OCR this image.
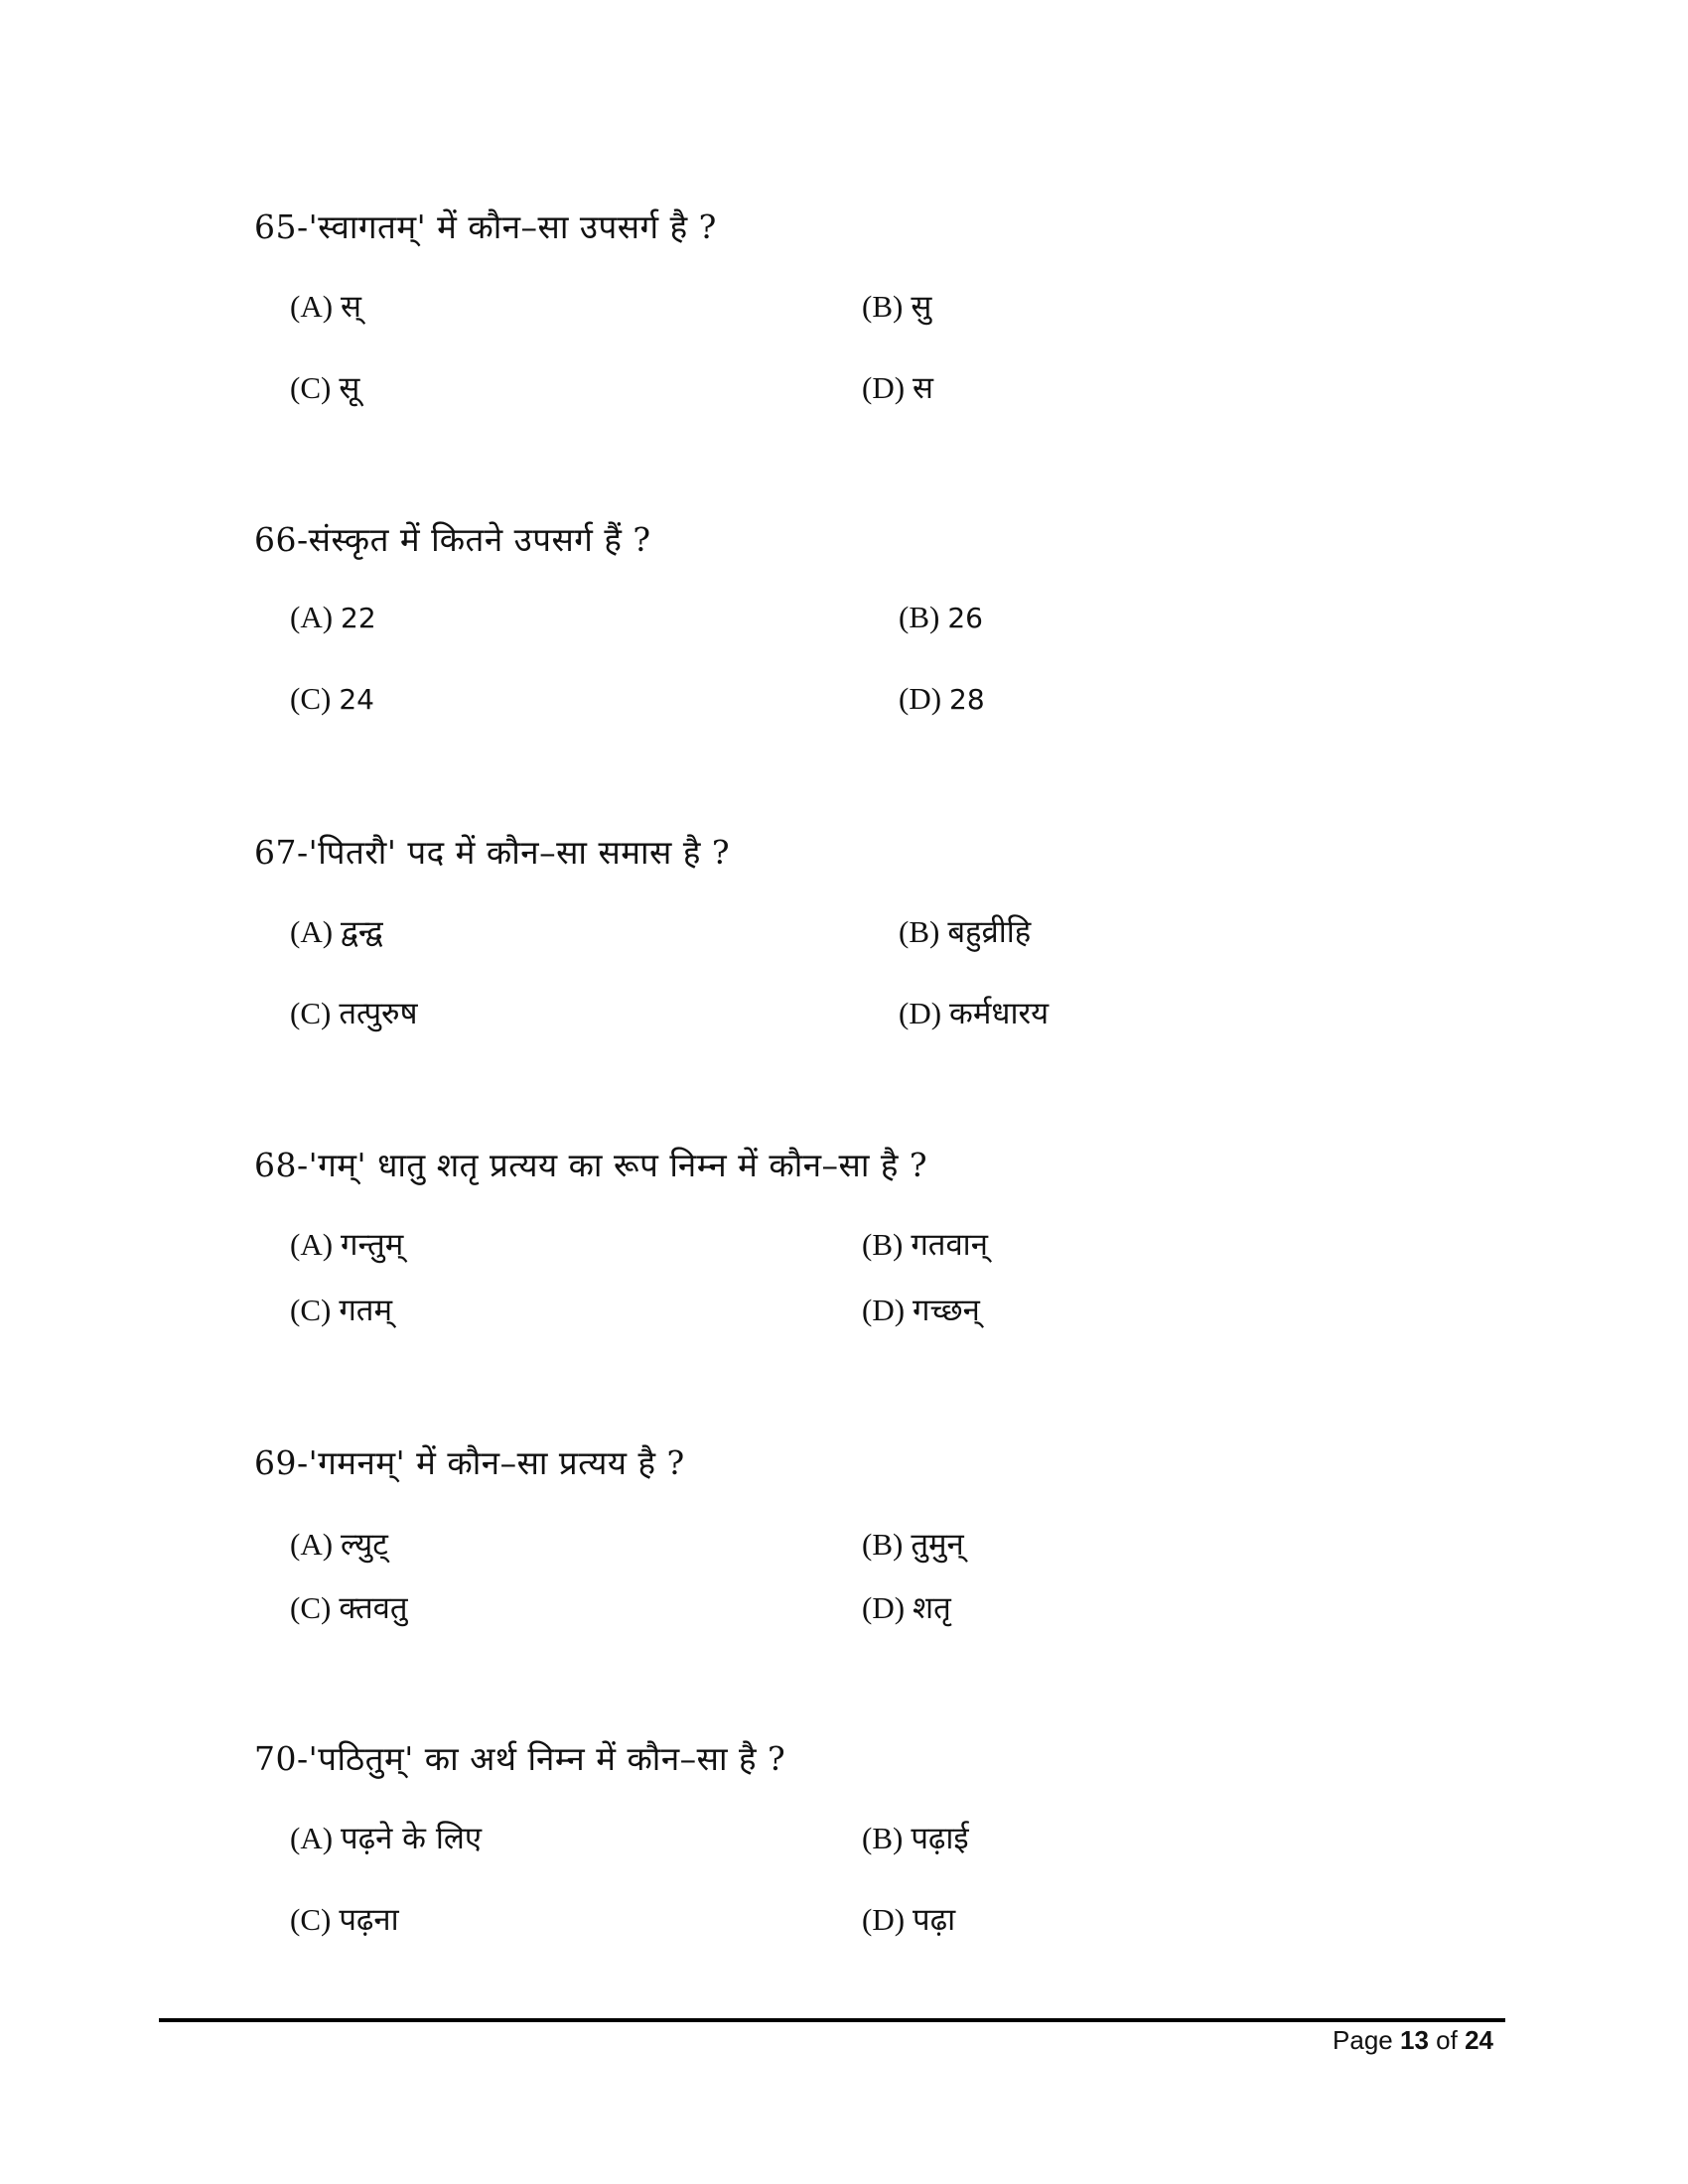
65-'स्वागतम्' में कौन–सा उपसर्ग है ?
(A) स्	(B) सु
(C) सू	(D) स
66-संस्कृत में कितने उपसर्ग हैं ?
(A) 22	(B) 26
(C) 24	(D) 28
67-'पितरौ' पद में कौन–सा समास है ?
(A) द्वन्द्व	(B) बहुव्रीहि
(C) तत्पुरुष	(D) कर्मधारय
68-'गम्' धातु शतृ प्रत्यय का रूप निम्न में कौन–सा है ?
(A) गन्तुम्	(B) गतवान्
(C) गतम्	(D) गच्छन्
69-'गमनम्' में कौन–सा प्रत्यय है ?
(A) ल्युट्	(B) तुमुन्
(C) क्तवतु	(D) शतृ
70-'पठितुम्' का अर्थ निम्न में कौन–सा है ?
(A) पढ़ने के लिए	(B) पढ़ाई
(C) पढ़ना	(D) पढ़ा
Page 13 of 24
